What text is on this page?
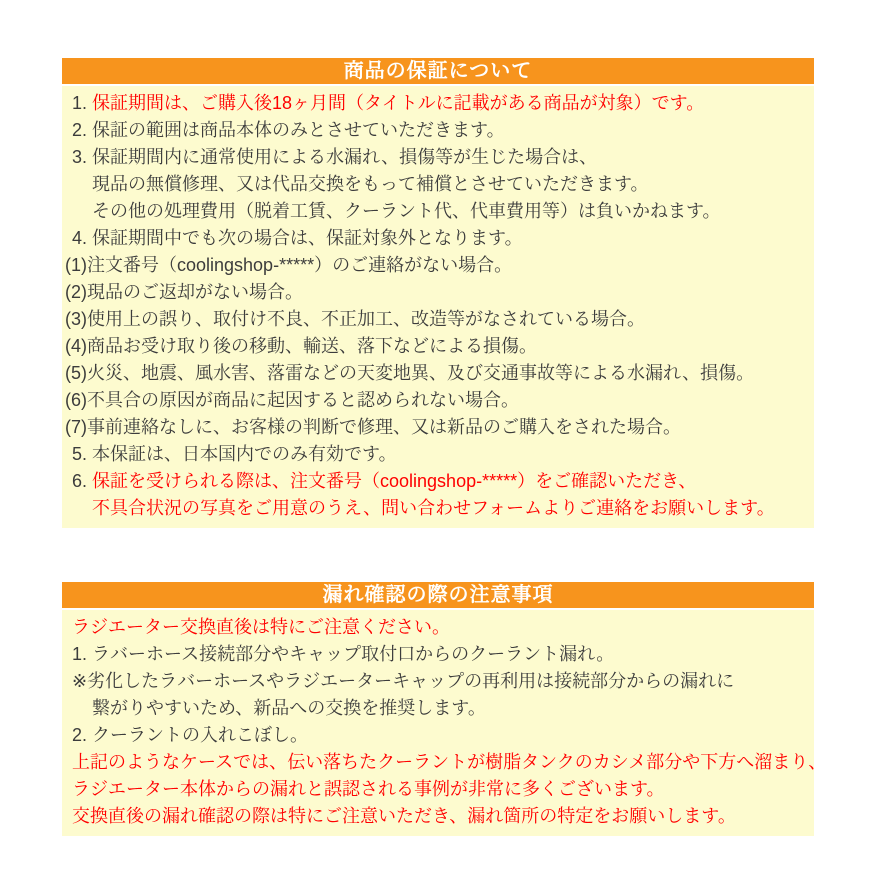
商品の保証について
1. 保証期間は、ご購入後18ヶ月間（タイトルに記載がある商品が対象）です。
2. 保証の範囲は商品本体のみとさせていただきます。
3. 保証期間内に通常使用による水漏れ、損傷等が生じた場合は、
現品の無償修理、又は代品交換をもって補償とさせていただきます。
その他の処理費用（脱着工賃、クーラント代、代車費用等）は負いかねます。
4. 保証期間中でも次の場合は、保証対象外となります。
(1)注文番号（coolingshop-*****）のご連絡がない場合。
(2)現品のご返却がない場合。
(3)使用上の誤り、取付け不良、不正加工、改造等がなされている場合。
(4)商品お受け取り後の移動、輸送、落下などによる損傷。
(5)火災、地震、風水害、落雷などの天変地異、及び交通事故等による水漏れ、損傷。
(6)不具合の原因が商品に起因すると認められない場合。
(7)事前連絡なしに、お客様の判断で修理、又は新品のご購入をされた場合。
5. 本保証は、日本国内でのみ有効です。
6. 保証を受けられる際は、注文番号（coolingshop-*****）をご確認いただき、
不具合状況の写真をご用意のうえ、問い合わせフォームよりご連絡をお願いします。
漏れ確認の際の注意事項
ラジエーター交換直後は特にご注意ください。
1. ラバーホース接続部分やキャップ取付口からのクーラント漏れ。
※劣化したラバーホースやラジエーターキャップの再利用は接続部分からの漏れに
繋がりやすいため、新品への交換を推奨します。
2. クーラントの入れこぼし。
上記のようなケースでは、伝い落ちたクーラントが樹脂タンクのカシメ部分や下方へ溜まり、
ラジエーター本体からの漏れと誤認される事例が非常に多くございます。
交換直後の漏れ確認の際は特にご注意いただき、漏れ箇所の特定をお願いします。
